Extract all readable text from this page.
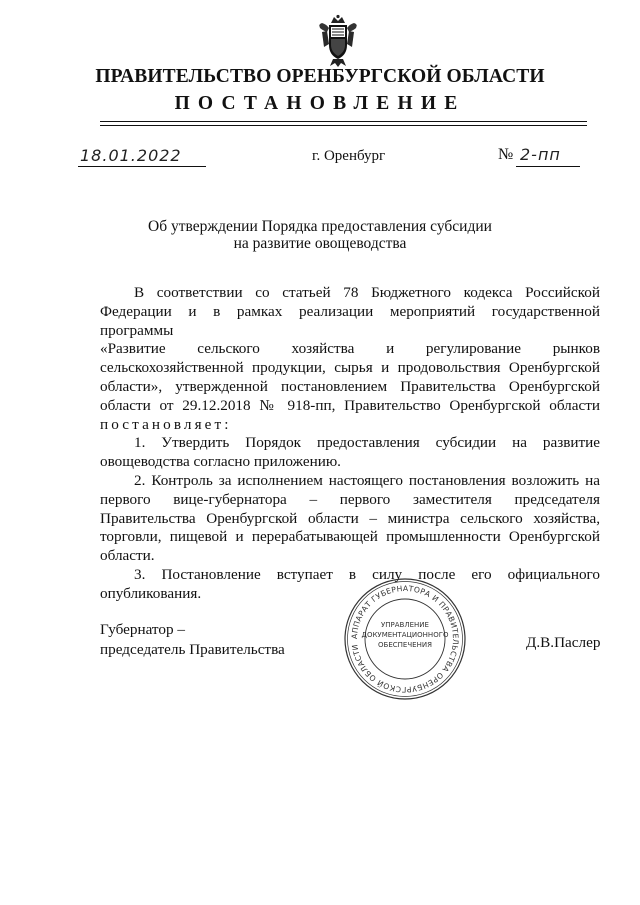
ПРАВИТЕЛЬСТВО ОРЕНБУРГСКОЙ ОБЛАСТИ
ПОСТАНОВЛЕНИЕ
18.01.2022	г. Оренбург	№ 2-пп
Об утверждении Порядка предоставления субсидии
на развитие овощеводства
В соответствии со статьей 78 Бюджетного кодекса Российской
Федерации и в рамках реализации мероприятий государственной программы
«Развитие сельского хозяйства и регулирование рынков
сельскохозяйственной продукции, сырья и продовольствия Оренбургской
области», утвержденной постановлением Правительства Оренбургской
области от 29.12.2018 № 918-пп, Правительство Оренбургской области
постановляет:
1. Утвердить Порядок предоставления субсидии на развитие
овощеводства согласно приложению.
2. Контроль за исполнением настоящего постановления возложить на
первого вице-губернатора – первого заместителя председателя
Правительства Оренбургской области – министра сельского хозяйства,
торговли, пищевой и перерабатывающей промышленности Оренбургской
области.
3. Постановление вступает в силу после его официального
опубликования.
Губернатор –
председатель Правительства	Д.В.Паслер
АППАРАТ ГУБЕРНАТОРА И ПРАВИТЕЛЬСТВА ОРЕНБУРГСКОЙ ОБЛАСТИ
УПРАВЛЕНИЕ
ДОКУМЕНТАЦИОННОГО
ОБЕСПЕЧЕНИЯ
